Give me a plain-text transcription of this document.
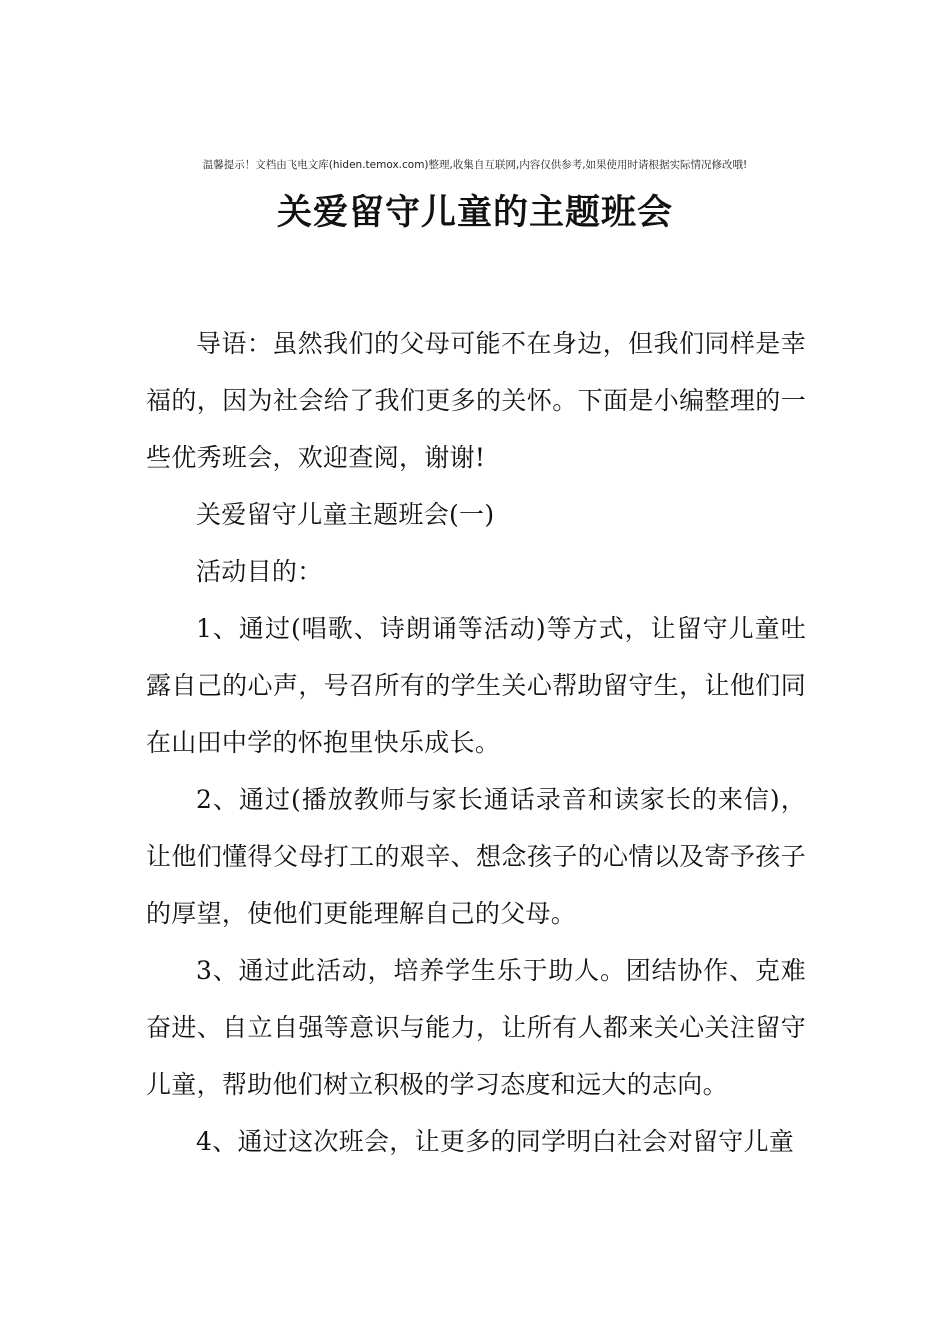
温馨提示！文档由飞电文库(hiden.temox.com)整理,收集自互联网,内容仅供参考,如果使用时请根据实际情况修改哦!
关爱留守儿童的主题班会

导语：虽然我们的父母可能不在身边，但我们同样是幸福的，因为社会给了我们更多的关怀。下面是小编整理的一些优秀班会，欢迎查阅，谢谢!

关爱留守儿童主题班会(一)

活动目的：

1、通过(唱歌、诗朗诵等活动)等方式，让留守儿童吐露自己的心声，号召所有的学生关心帮助留守生，让他们同在山田中学的怀抱里快乐成长。

2、通过(播放教师与家长通话录音和读家长的来信)，让他们懂得父母打工的艰辛、想念孩子的心情以及寄予孩子的厚望，使他们更能理解自己的父母。

3、通过此活动，培养学生乐于助人。团结协作、克难奋进、自立自强等意识与能力，让所有人都来关心关注留守儿童，帮助他们树立积极的学习态度和远大的志向。

4、通过这次班会，让更多的同学明白社会对留守儿童
